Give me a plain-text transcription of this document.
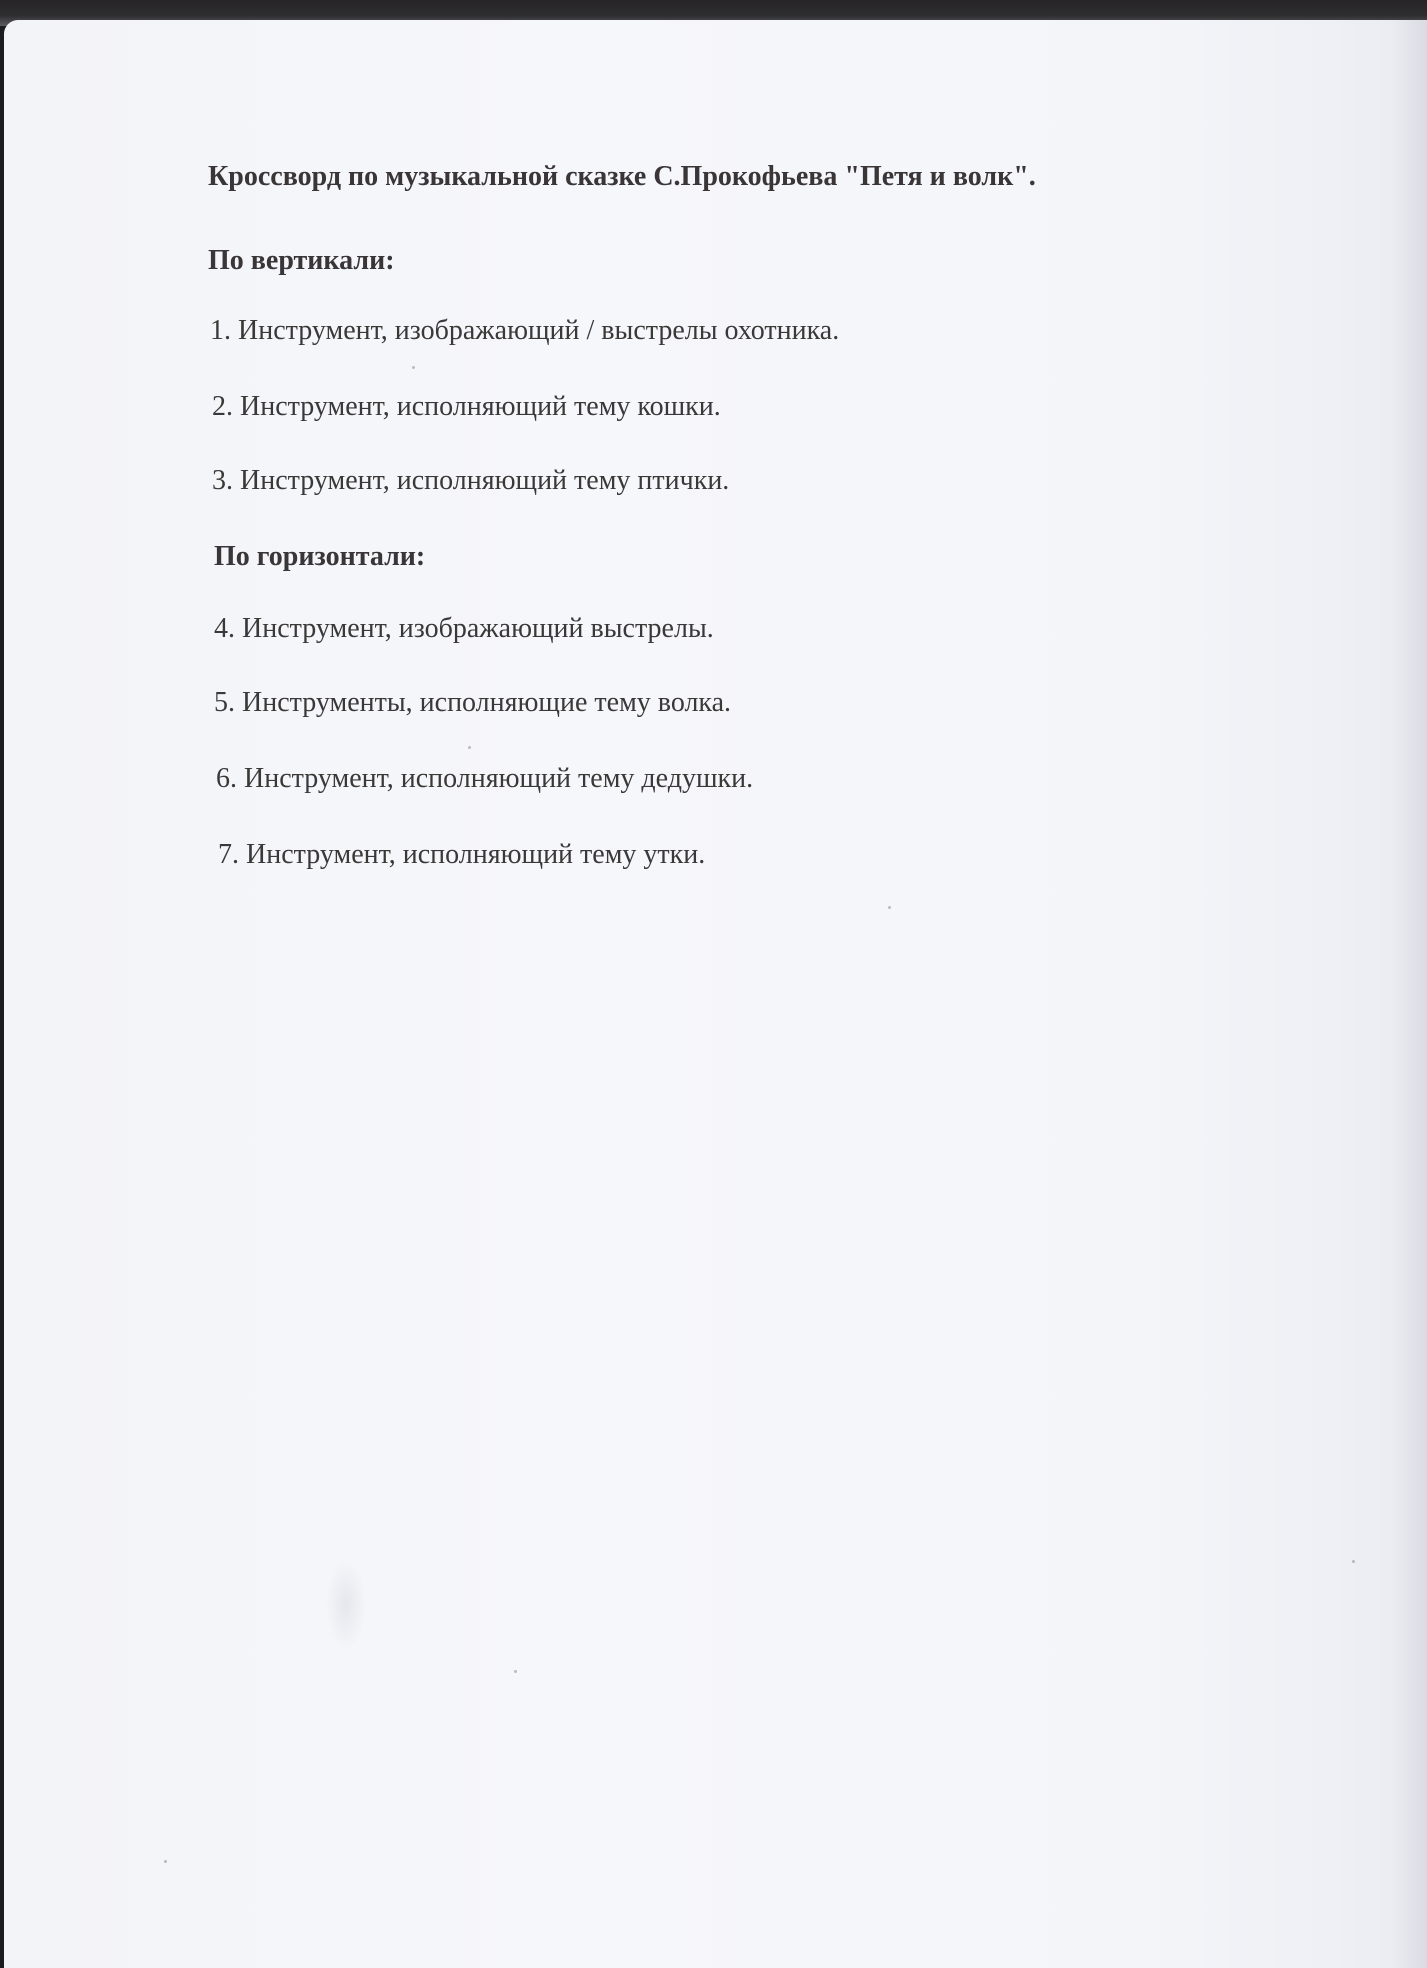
Кроссворд по музыкальной сказке С.Прокофьева "Петя и волк".
По вертикали:
1. Инструмент, изображающий / выстрелы охотника.
2. Инструмент, исполняющий тему кошки.
3. Инструмент, исполняющий тему птички.
По горизонтали:
4. Инструмент, изображающий выстрелы.
5. Инструменты, исполняющие тему волка.
6. Инструмент, исполняющий тему дедушки.
7. Инструмент, исполняющий тему утки.
